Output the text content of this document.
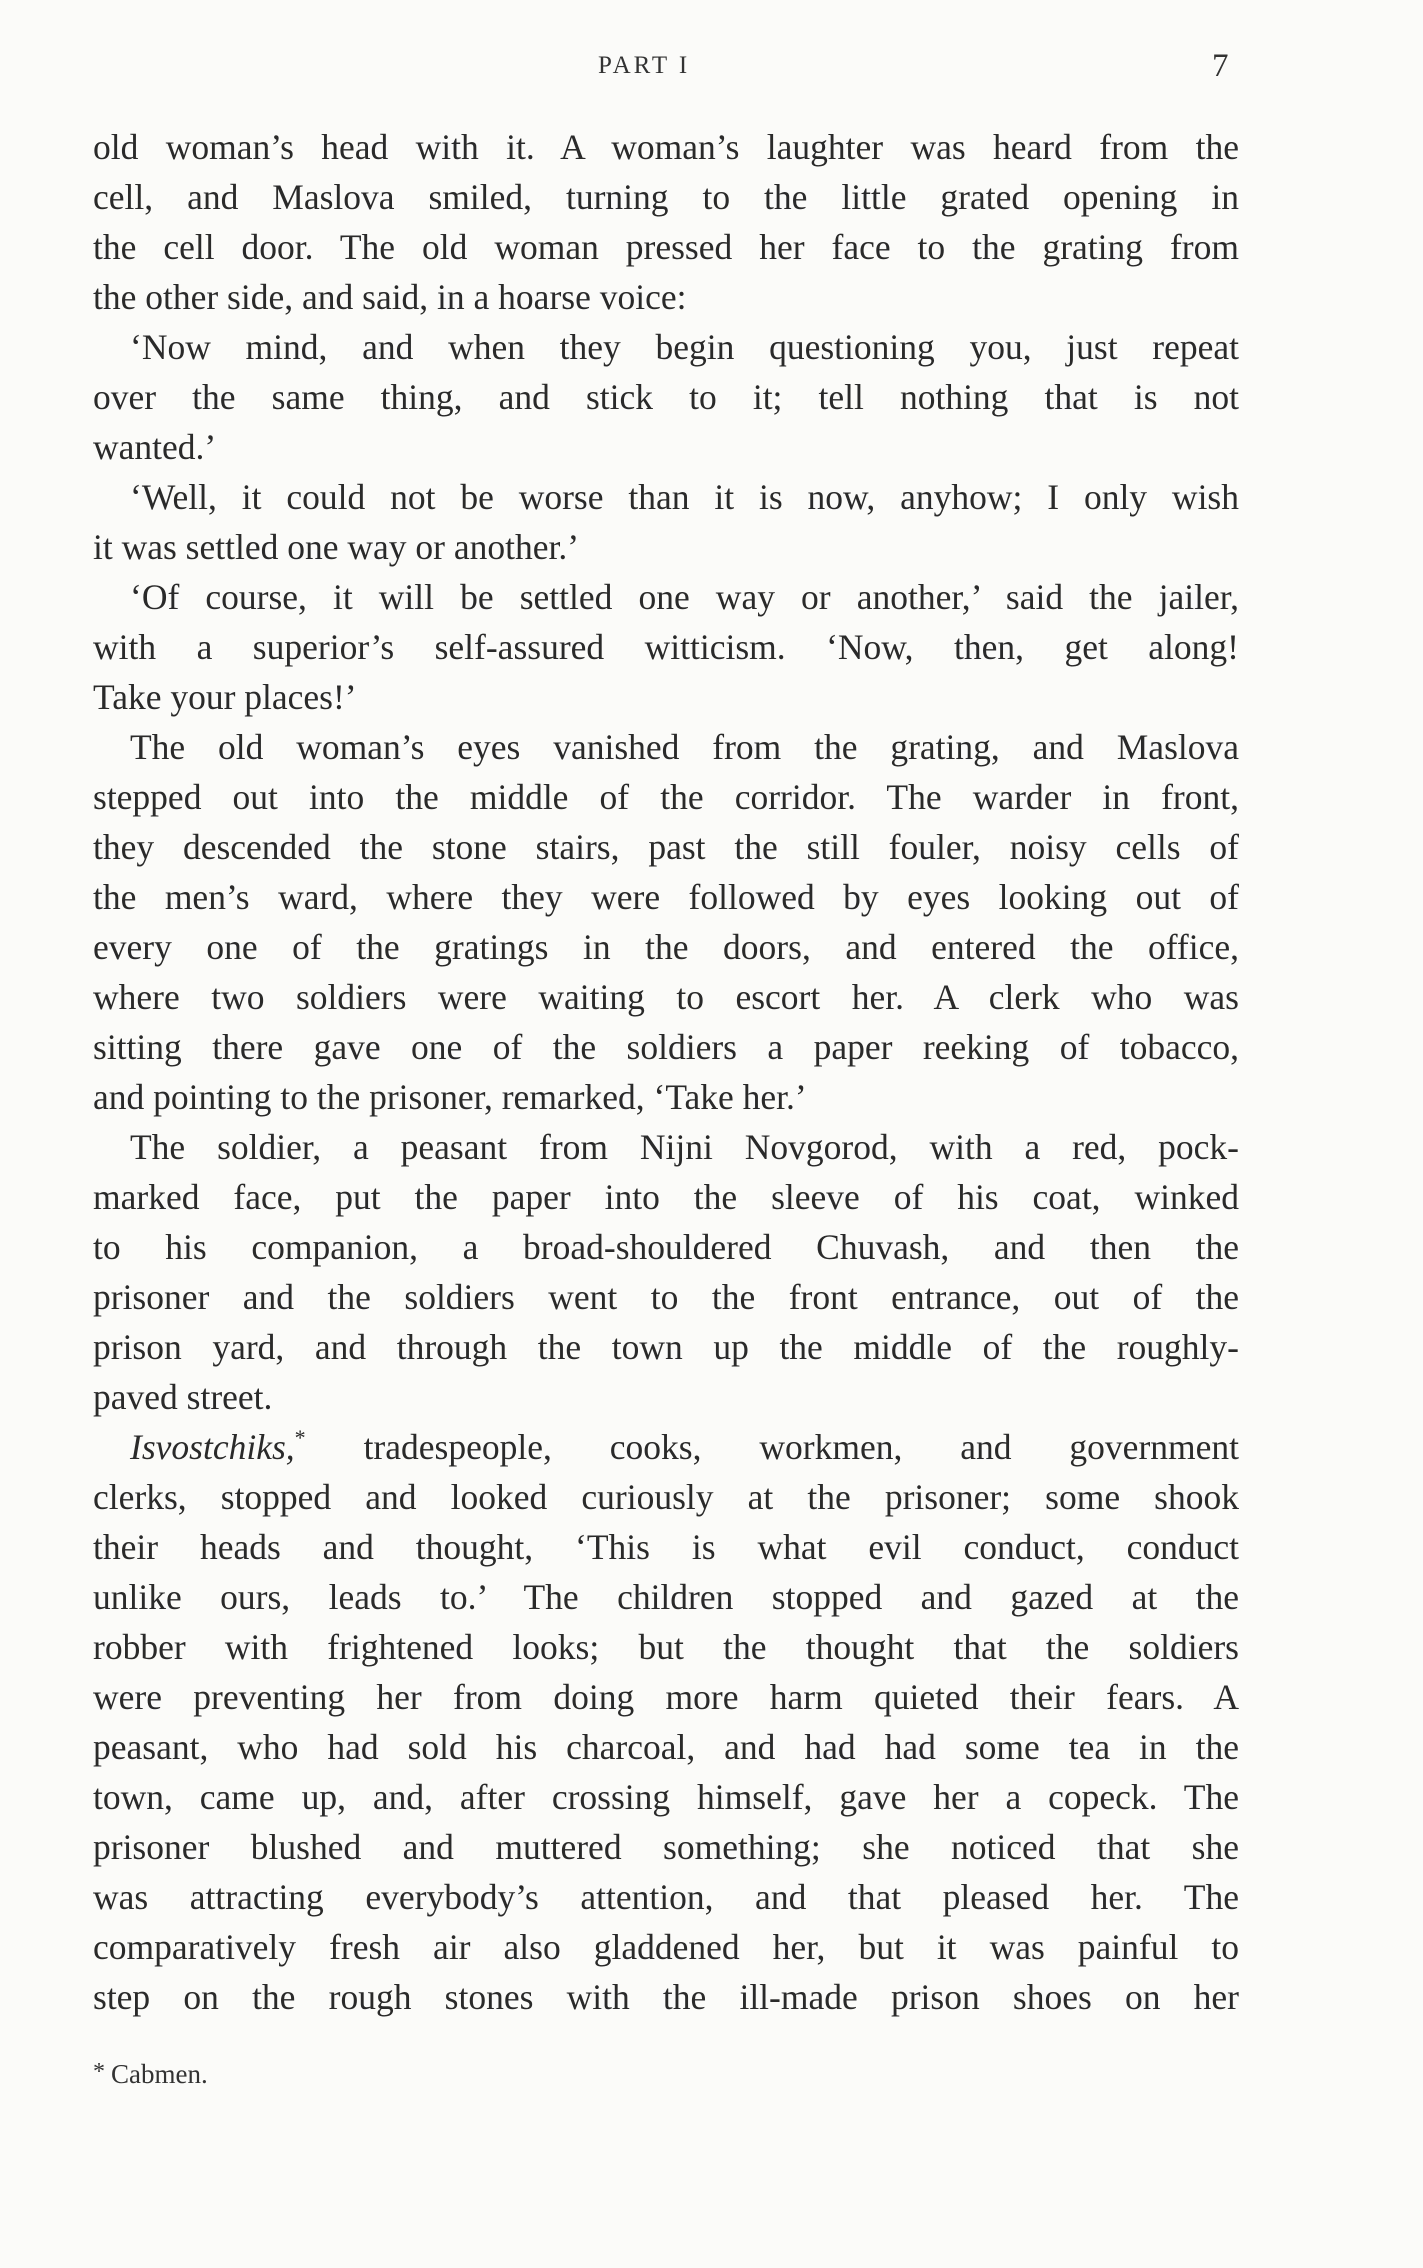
PART I	7
old woman’s head with it. A woman’s laughter was heard from the
cell, and Maslova smiled, turning to the little grated opening in
the cell door. The old woman pressed her face to the grating from
the other side, and said, in a hoarse voice:
‘Now mind, and when they begin questioning you, just repeat
over the same thing, and stick to it; tell nothing that is not
wanted.’
‘Well, it could not be worse than it is now, anyhow; I only wish
it was settled one way or another.’
‘Of course, it will be settled one way or another,’ said the jailer,
with a superior’s self-assured witticism. ‘Now, then, get along!
Take your places!’
The old woman’s eyes vanished from the grating, and Maslova
stepped out into the middle of the corridor. The warder in front,
they descended the stone stairs, past the still fouler, noisy cells of
the men’s ward, where they were followed by eyes looking out of
every one of the gratings in the doors, and entered the office,
where two soldiers were waiting to escort her. A clerk who was
sitting there gave one of the soldiers a paper reeking of tobacco,
and pointing to the prisoner, remarked, ‘Take her.’
The soldier, a peasant from Nijni Novgorod, with a red, pock-
marked face, put the paper into the sleeve of his coat, winked
to his companion, a broad-shouldered Chuvash, and then the
prisoner and the soldiers went to the front entrance, out of the
prison yard, and through the town up the middle of the roughly-
paved street.
Isvostchiks,* tradespeople, cooks, workmen, and government
clerks, stopped and looked curiously at the prisoner; some shook
their heads and thought, ‘This is what evil conduct, conduct
unlike ours, leads to.’ The children stopped and gazed at the
robber with frightened looks; but the thought that the soldiers
were preventing her from doing more harm quieted their fears. A
peasant, who had sold his charcoal, and had had some tea in the
town, came up, and, after crossing himself, gave her a copeck. The
prisoner blushed and muttered something; she noticed that she
was attracting everybody’s attention, and that pleased her. The
comparatively fresh air also gladdened her, but it was painful to
step on the rough stones with the ill-made prison shoes on her
* Cabmen.
